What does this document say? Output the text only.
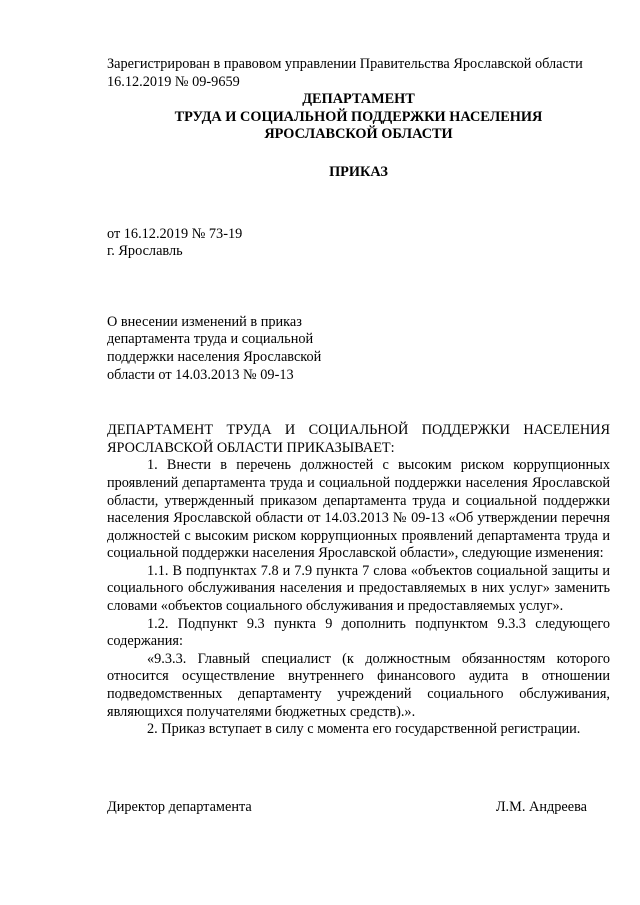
Зарегистрирован в правовом управлении Правительства Ярославской области

16.12.2019 № 09-9659

ДЕПАРТАМЕНТ

ТРУДА И СОЦИАЛЬНОЙ ПОДДЕРЖКИ НАСЕЛЕНИЯ

ЯРОСЛАВСКОЙ ОБЛАСТИ

ПРИКАЗ

от 16.12.2019 № 73-19
г. Ярославль
О внесении изменений в приказ департамента труда и социальной поддержки населения Ярославской области от 14.03.2013 № 09-13

ДЕПАРТАМЕНТ ТРУДА И СОЦИАЛЬНОЙ ПОДДЕРЖКИ НАСЕЛЕНИЯ ЯРОСЛАВСКОЙ ОБЛАСТИ ПРИКАЗЫВАЕТ:

1. Внести в перечень должностей с высоким риском коррупционных проявлений департамента труда и социальной поддержки населения Ярославской области, утвержденный приказом департамента труда и социальной поддержки населения Ярославской области от 14.03.2013 № 09-13 «Об утверждении перечня должностей с высоким риском коррупционных проявлений департамента труда и социальной поддержки населения Ярославской области», следующие изменения:

1.1. В подпунктах 7.8 и 7.9 пункта 7 слова «объектов социальной защиты и социального обслуживания населения и предоставляемых в них услуг» заменить словами «объектов социального обслуживания и предоставляемых услуг».

1.2. Подпункт 9.3 пункта 9 дополнить подпунктом 9.3.3 следующего содержания:

«9.3.3. Главный специалист (к должностным обязанностям которого относится осуществление внутреннего финансового аудита в отношении подведомственных департаменту учреждений социального обслуживания, являющихся получателями бюджетных средств).».

2. Приказ вступает в силу с момента его государственной регистрации.

Директор департамента	Л.М. Андреева
